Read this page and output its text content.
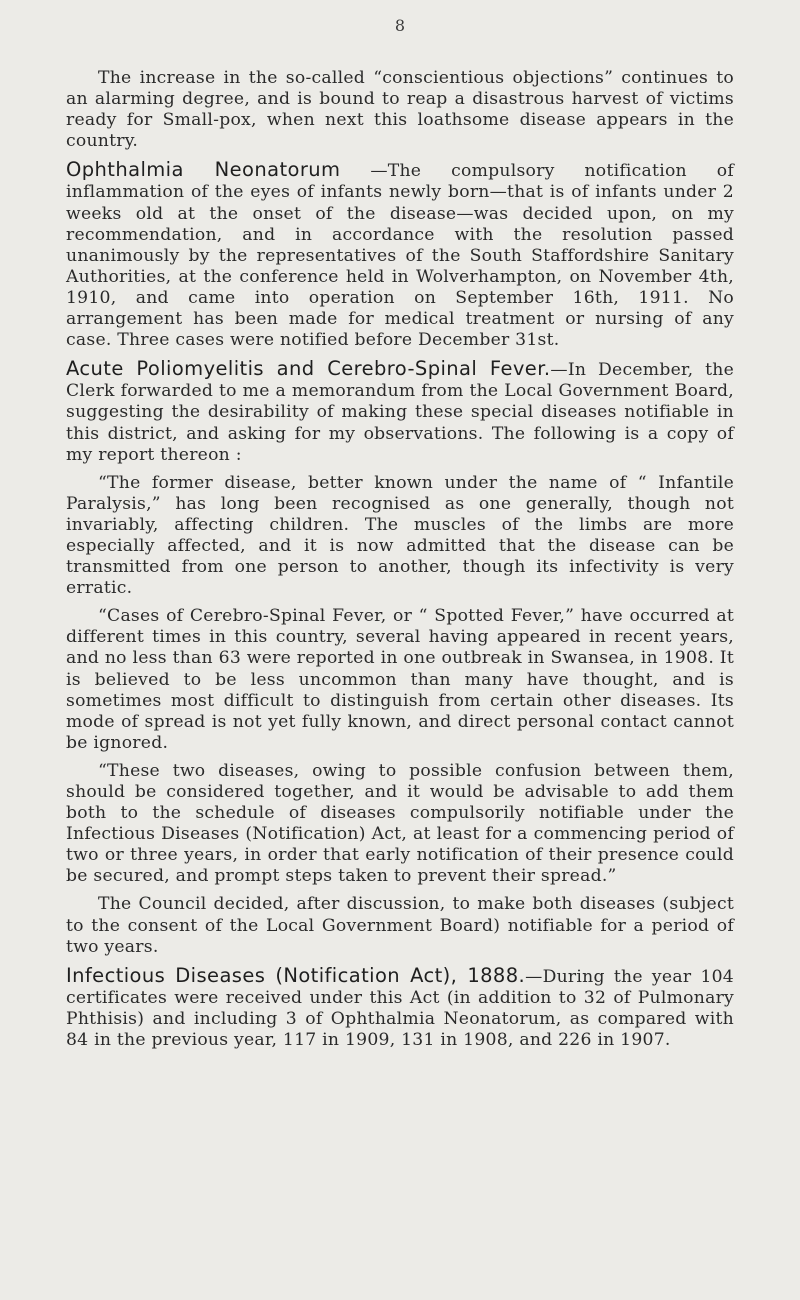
8

The increase in the so-called “conscientious objections” continues to an alarming degree, and is bound to reap a disastrous harvest of victims ready for Small-pox, when next this loathsome disease appears in the country.

Ophthalmia Neonatorum —The compulsory notification of inflammation of the eyes of infants newly born—that is of infants under 2 weeks old at the onset of the disease—was decided upon, on my recommendation, and in accordance with the resolution passed unanimously by the representatives of the South Staffordshire Sanitary Authorities, at the conference held in Wolverhampton, on November 4th, 1910, and came into operation on September 16th, 1911. No arrangement has been made for medical treatment or nursing of any case. Three cases were notified before December 31st.

Acute Poliomyelitis and Cerebro-Spinal Fever.—In December, the Clerk forwarded to me a memorandum from the Local Government Board, suggesting the desirability of making these special diseases notifiable in this district, and asking for my observations. The following is a copy of my report thereon :

“The former disease, better known under the name of “ Infantile Paralysis,” has long been recognised as one generally, though not invariably, affecting children. The muscles of the limbs are more especially affected, and it is now admitted that the disease can be transmitted from one person to another, though its infectivity is very erratic.

“Cases of Cerebro-Spinal Fever, or “ Spotted Fever,” have occurred at different times in this country, several having appeared in recent years, and no less than 63 were reported in one outbreak in Swansea, in 1908. It is believed to be less uncommon than many have thought, and is sometimes most difficult to distinguish from certain other diseases. Its mode of spread is not yet fully known, and direct personal contact cannot be ignored.

“These two diseases, owing to possible confusion between them, should be considered together, and it would be advisable to add them both to the schedule of diseases compulsorily notifiable under the Infectious Diseases (Notification) Act, at least for a commencing period of two or three years, in order that early notification of their presence could be secured, and prompt steps taken to prevent their spread.”

The Council decided, after discussion, to make both diseases (subject to the consent of the Local Government Board) notifiable for a period of two years.

Infectious Diseases (Notification Act), 1888.—During the year 104 certificates were received under this Act (in addition to 32 of Pulmonary Phthisis) and including 3 of Ophthalmia Neonatorum, as compared with 84 in the previous year, 117 in 1909, 131 in 1908, and 226 in 1907.
